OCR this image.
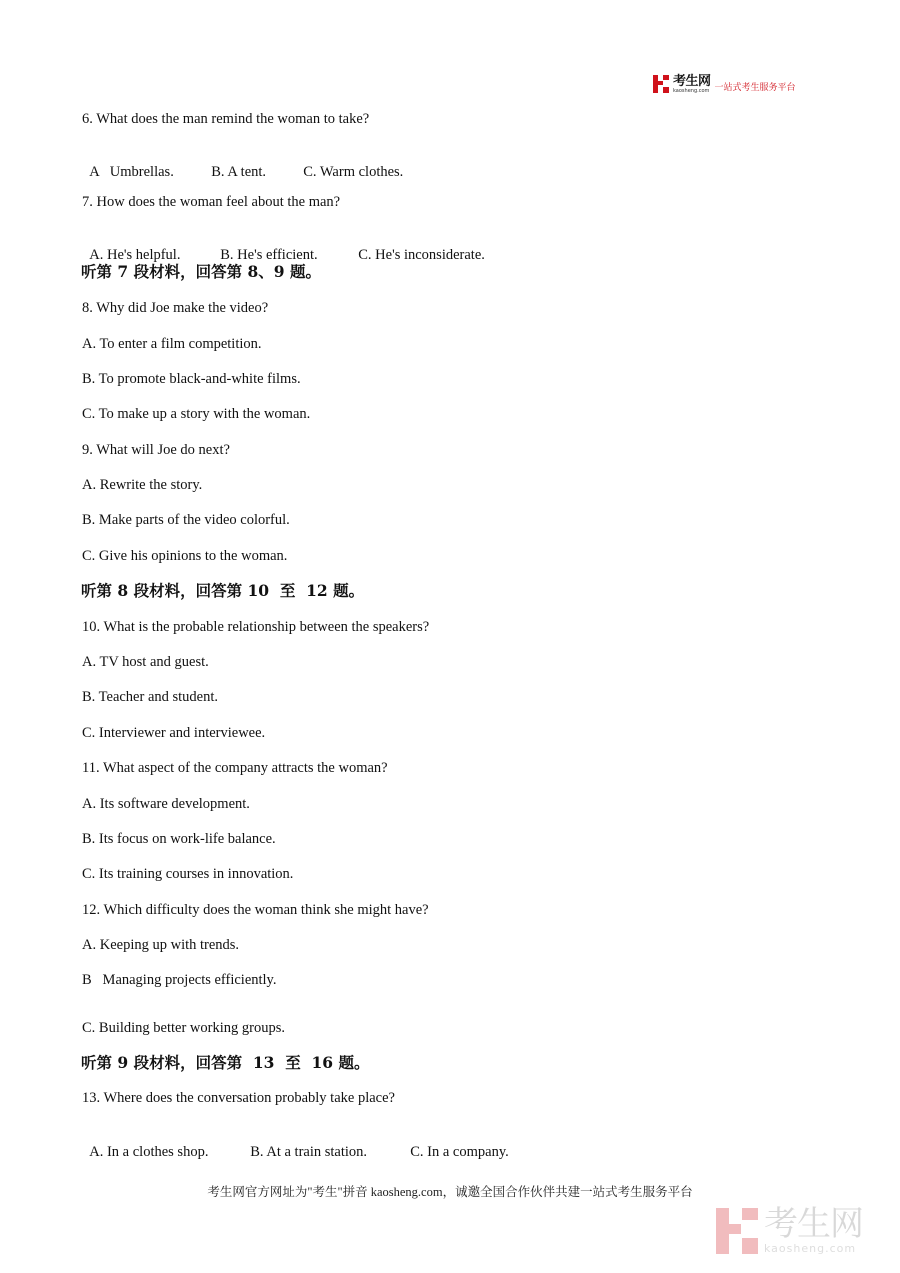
考生网
kaosheng.com 一站式考生服务平台
6. What does the man remind the woman to take?

A   Umbrellas.	B. A tent.	C. Warm clothes.

7. How does the woman feel about the man?

A. He's helpful.	B. He's efficient.	C. He's inconsiderate.

听第 7 段材料，回答第 8、9 题。
8. Why did Joe make the video?
A. To enter a film competition.
B. To promote black-and-white films.
C. To make up a story with the woman.
9. What will Joe do next?
A. Rewrite the story.
B. Make parts of the video colorful.
C. Give his opinions to the woman.
听第 8 段材料，回答第 10  至  12 题。
10. What is the probable relationship between the speakers?
A. TV host and guest.
B. Teacher and student.
C. Interviewer and interviewee.
11. What aspect of the company attracts the woman?
A. Its software development.
B. Its focus on work-life balance.
C. Its training courses in innovation.
12. Which difficulty does the woman think she might have?
A. Keeping up with trends.
B   Managing projects efficiently.
C. Building better working groups.
听第 9 段材料，回答第  13  至  16 题。
13. Where does the conversation probably take place?

A. In a clothes shop.	B. At a train station.	C. In a company.

考生网官方网址为"考生"拼音 kaosheng.com，诚邀全国合作伙伴共建一站式考生服务平台
考生网
kaosheng.com
